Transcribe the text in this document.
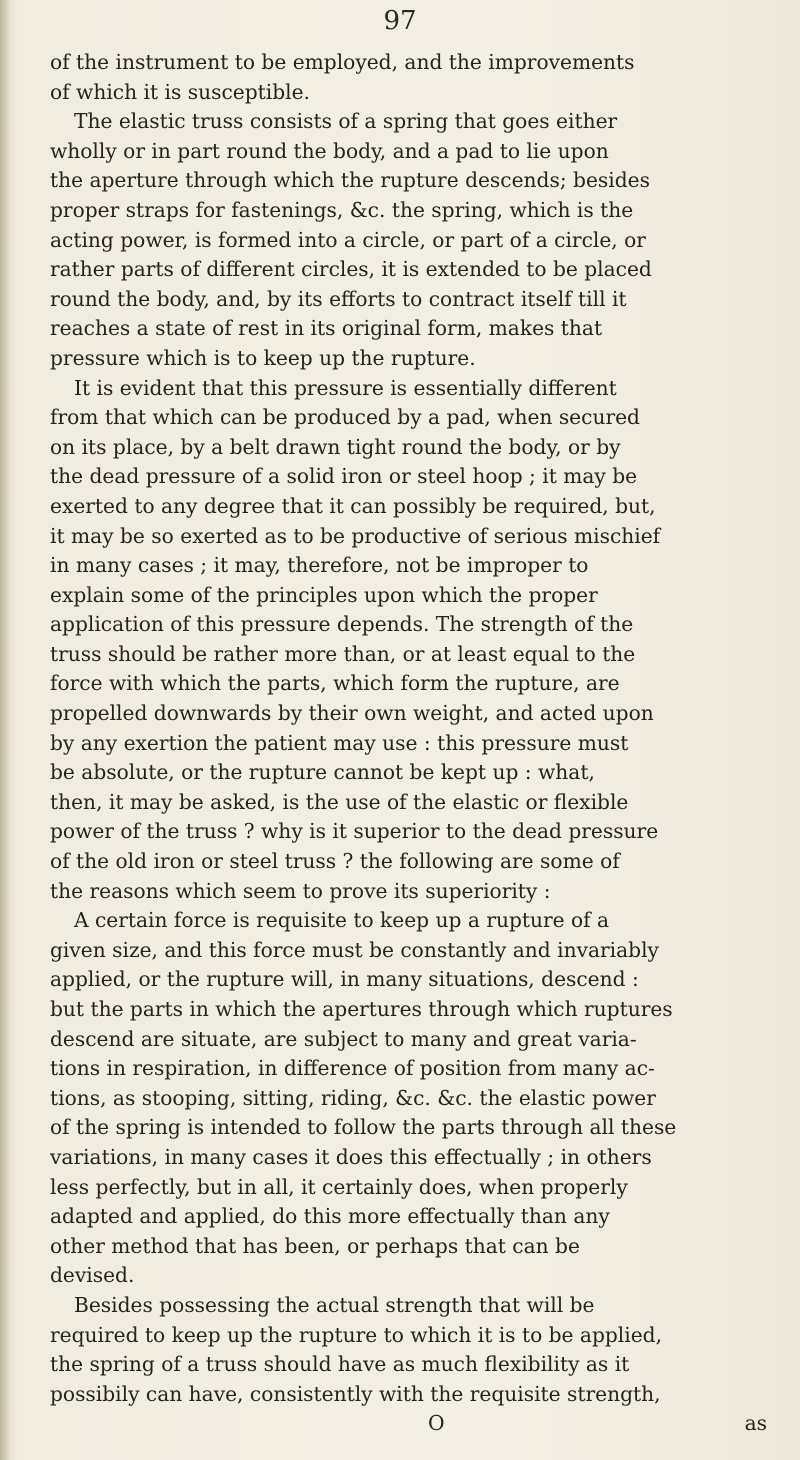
97
of the instrument to be employed, and the improvements
of which it is susceptible.
The elastic truss consists of a spring that goes either
wholly or in part round the body, and a pad to lie upon
the aperture through which the rupture descends; besides
proper straps for fastenings, &c. the spring, which is the
acting power, is formed into a circle, or part of a circle, or
rather parts of different circles, it is extended to be placed
round the body, and, by its efforts to contract itself till it
reaches a state of rest in its original form, makes that
pressure which is to keep up the rupture.
It is evident that this pressure is essentially different
from that which can be produced by a pad, when secured
on its place, by a belt drawn tight round the body, or by
the dead pressure of a solid iron or steel hoop ; it may be
exerted to any degree that it can possibly be required, but,
it may be so exerted as to be productive of serious mischief
in many cases ; it may, therefore, not be improper to
explain some of the principles upon which the proper
application of this pressure depends. The strength of the
truss should be rather more than, or at least equal to the
force with which the parts, which form the rupture, are
propelled downwards by their own weight, and acted upon
by any exertion the patient may use : this pressure must
be absolute, or the rupture cannot be kept up : what,
then, it may be asked, is the use of the elastic or flexible
power of the truss ? why is it superior to the dead pressure
of the old iron or steel truss ? the following are some of
the reasons which seem to prove its superiority :
A certain force is requisite to keep up a rupture of a
given size, and this force must be constantly and invariably
applied, or the rupture will, in many situations, descend :
but the parts in which the apertures through which ruptures
descend are situate, are subject to many and great varia-
tions in respiration, in difference of position from many ac-
tions, as stooping, sitting, riding, &c. &c. the elastic power
of the spring is intended to follow the parts through all these
variations, in many cases it does this effectually ; in others
less perfectly, but in all, it certainly does, when properly
adapted and applied, do this more effectually than any
other method that has been, or perhaps that can be
devised.
Besides possessing the actual strength that will be
required to keep up the rupture to which it is to be applied,
the spring of a truss should have as much flexibility as it
possibily can have, consistently with the requisite strength,
O	as
